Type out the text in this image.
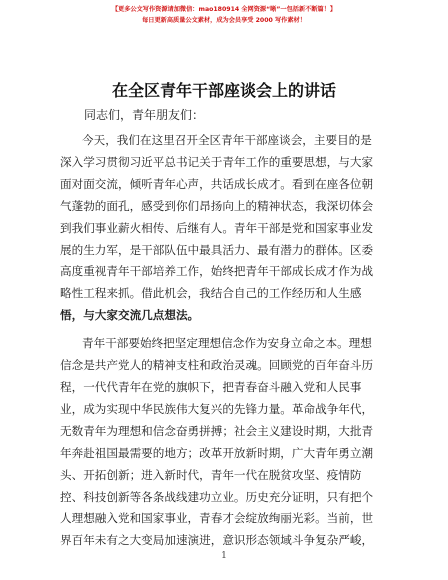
【更多公文写作资源请加微信：mao180914 全网资源“晰”一包括新不断篇！】
每日更新高质量公文素材，成为会员享受 2000 写作素材！
在全区青年干部座谈会上的讲话
同志们，青年朋友们：
今天，我们在这里召开全区青年干部座谈会，主要目的是
深入学习贯彻习近平总书记关于青年工作的重要思想，与大家
面对面交流，倾听青年心声，共话成长成才。看到在座各位朝
气蓬勃的面孔，感受到你们昂扬向上的精神状态，我深切体会
到我们事业薪火相传、后继有人。青年干部是党和国家事业发
展的生力军，是干部队伍中最具活力、最有潜力的群体。区委
高度重视青年干部培养工作，始终把青年干部成长成才作为战
略性工程来抓。借此机会，我结合自己的工作经历和人生感
悟，与大家交流几点想法。
青年干部要始终把坚定理想信念作为安身立命之本。理想
信念是共产党人的精神支柱和政治灵魂。回顾党的百年奋斗历
程，一代代青年在党的旗帜下，把青春奋斗融入党和人民事
业，成为实现中华民族伟大复兴的先锋力量。革命战争年代，
无数青年为理想和信念奋勇拼搏；社会主义建设时期，大批青
年奔赴祖国最需要的地方；改革开放新时期，广大青年勇立潮
头、开拓创新；进入新时代，青年一代在脱贫攻坚、疫情防
控、科技创新等各条战线建功立业。历史充分证明，只有把个
人理想融入党和国家事业，青春才会绽放绚丽光彩。当前，世
界百年未有之大变局加速演进，意识形态领域斗争复杂严峻，
1
